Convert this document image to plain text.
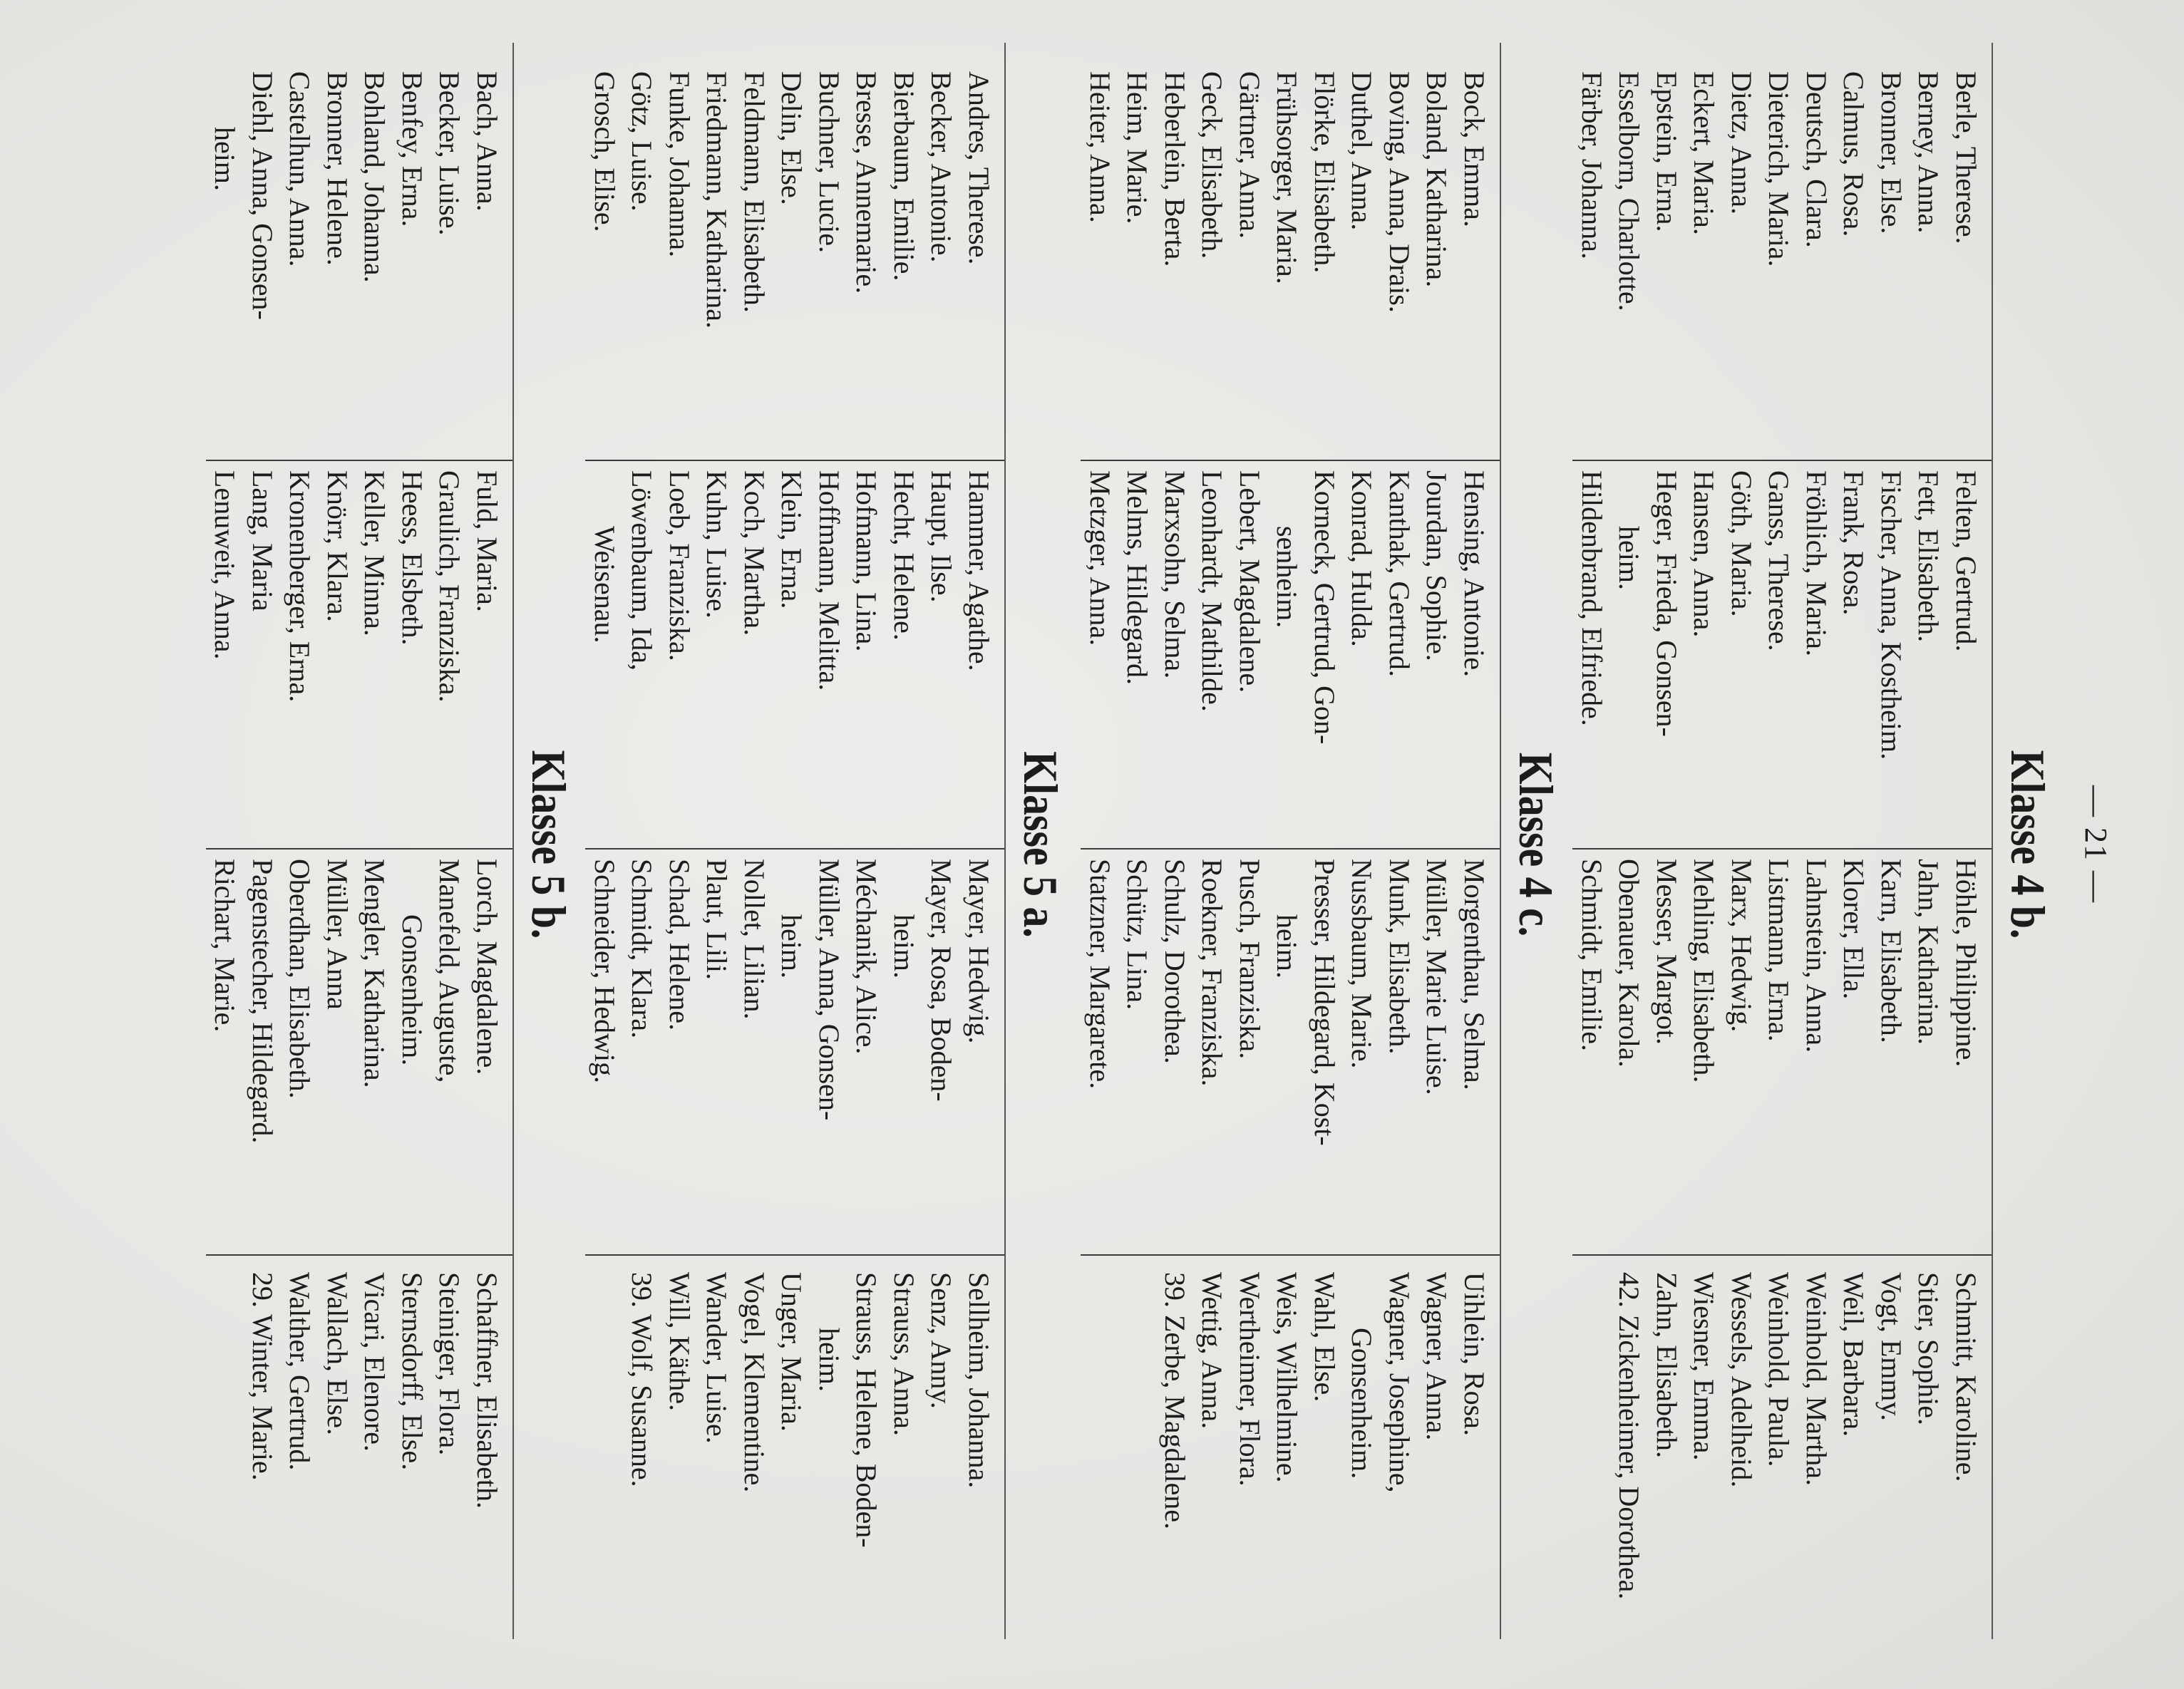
— 21 —
Klasse 4 b.
Berle, Therese.
Berney, Anna.
Bronner, Else.
Calmus, Rosa.
Deutsch, Clara.
Dieterich, Maria.
Dietz, Anna.
Eckert, Maria.
Epstein, Erna.
Esselborn, Charlotte.
Färber, Johanna.
Felten, Gertrud.
Fett, Elisabeth.
Fischer, Anna, Kostheim.
Frank, Rosa.
Fröhlich, Maria.
Ganss, Therese.
Göth, Maria.
Hansen, Anna.
Heger, Frieda, Gonsen-
heim.
Hildenbrand, Elfriede.
Höhle, Philippine.
Jahn, Katharina.
Karn, Elisabeth.
Klorer, Ella.
Lahnstein, Anna.
Listmann, Erna.
Marx, Hedwig.
Mehling, Elisabeth.
Messer, Margot.
Obenauer, Karola.
Schmidt, Emilie.
Schmitt, Karoline.
Stier, Sophie.
Vogt, Emmy.
Weil, Barbara.
Weinhold, Martha.
Weinhold, Paula.
Wessels, Adelheid.
Wiesner, Emma.
Zahn, Elisabeth.
42. Zickenheimer, Dorothea.
Klasse 4 c.
Bock, Emma.
Boland, Katharina.
Boving, Anna, Drais.
Duthel, Anna.
Flörke, Elisabeth.
Frühsorger, Maria.
Gärtner, Anna.
Geck, Elisabeth.
Heberlein, Berta.
Heim, Marie.
Heiter, Anna.
Hensing, Antonie.
Jourdan, Sophie.
Kanthak, Gertrud.
Konrad, Hulda.
Korneck, Gertrud, Gon-
senheim.
Lebert, Magdalene.
Leonhardt, Mathilde.
Marxsohn, Selma.
Melms, Hildegard.
Metzger, Anna.
Morgenthau, Selma.
Müller, Marie Luise.
Munk, Elisabeth.
Nussbaum, Marie.
Presser, Hildegard, Kost-
heim.
Pusch, Franziska.
Roekner, Franziska.
Schulz, Dorothea.
Schütz, Lina.
Statzner, Margarete.
Uihlein, Rosa.
Wagner, Anna.
Wagner, Josephine,
Gonsenheim.
Wahl, Else.
Weis, Wilhelmine.
Wertheimer, Flora.
Wettig, Anna.
39. Zerbe, Magdalene.
Klasse 5 a.
Andres, Therese.
Becker, Antonie.
Bierbaum, Emilie.
Bresse, Annemarie.
Buchner, Lucie.
Delin, Else.
Feldmann, Elisabeth.
Friedmann, Katharina.
Funke, Johanna.
Götz, Luise.
Grosch, Elise.
Hammer, Agathe.
Haupt, Ilse.
Hecht, Helene.
Hofmann, Lina.
Hoffmann, Melitta.
Klein, Erna.
Koch, Martha.
Kuhn, Luise.
Loeb, Franziska.
Löwenbaum, Ida,
Weisenau.
Mayer, Hedwig.
Mayer, Rosa, Boden-
heim.
Méchanik, Alice.
Müller, Anna, Gonsen-
heim.
Nollet, Lilian.
Plaut, Lili.
Schad, Helene.
Schmidt, Klara.
Schneider, Hedwig.
Sellheim, Johanna.
Senz, Anny.
Strauss, Anna.
Strauss, Helene, Boden-
heim.
Unger, Maria.
Vogel, Klementine.
Wander, Luise.
Will, Käthe.
39. Wolf, Susanne.
Klasse 5 b.
Bach, Anna.
Becker, Luise.
Benfey, Erna.
Bohland, Johanna.
Bronner, Helene.
Castelhun, Anna.
Diehl, Anna, Gonsen-
heim.
Fuld, Maria.
Graulich, Franziska.
Heess, Elsbeth.
Keller, Minna.
Knörr, Klara.
Kronenberger, Erna.
Lang, Maria
Lenuweit, Anna.
Lorch, Magdalene.
Manefeld, Auguste,
Gonsenheim.
Mengler, Katharina.
Müller, Anna
Oberdhan, Elisabeth.
Pagenstecher, Hildegard.
Richart, Marie.
Schaffner, Elisabeth.
Steiniger, Flora.
Sternsdorff, Else.
Vicari, Elenore.
Wallach, Else.
Walther, Gertrud.
29. Winter, Marie.
